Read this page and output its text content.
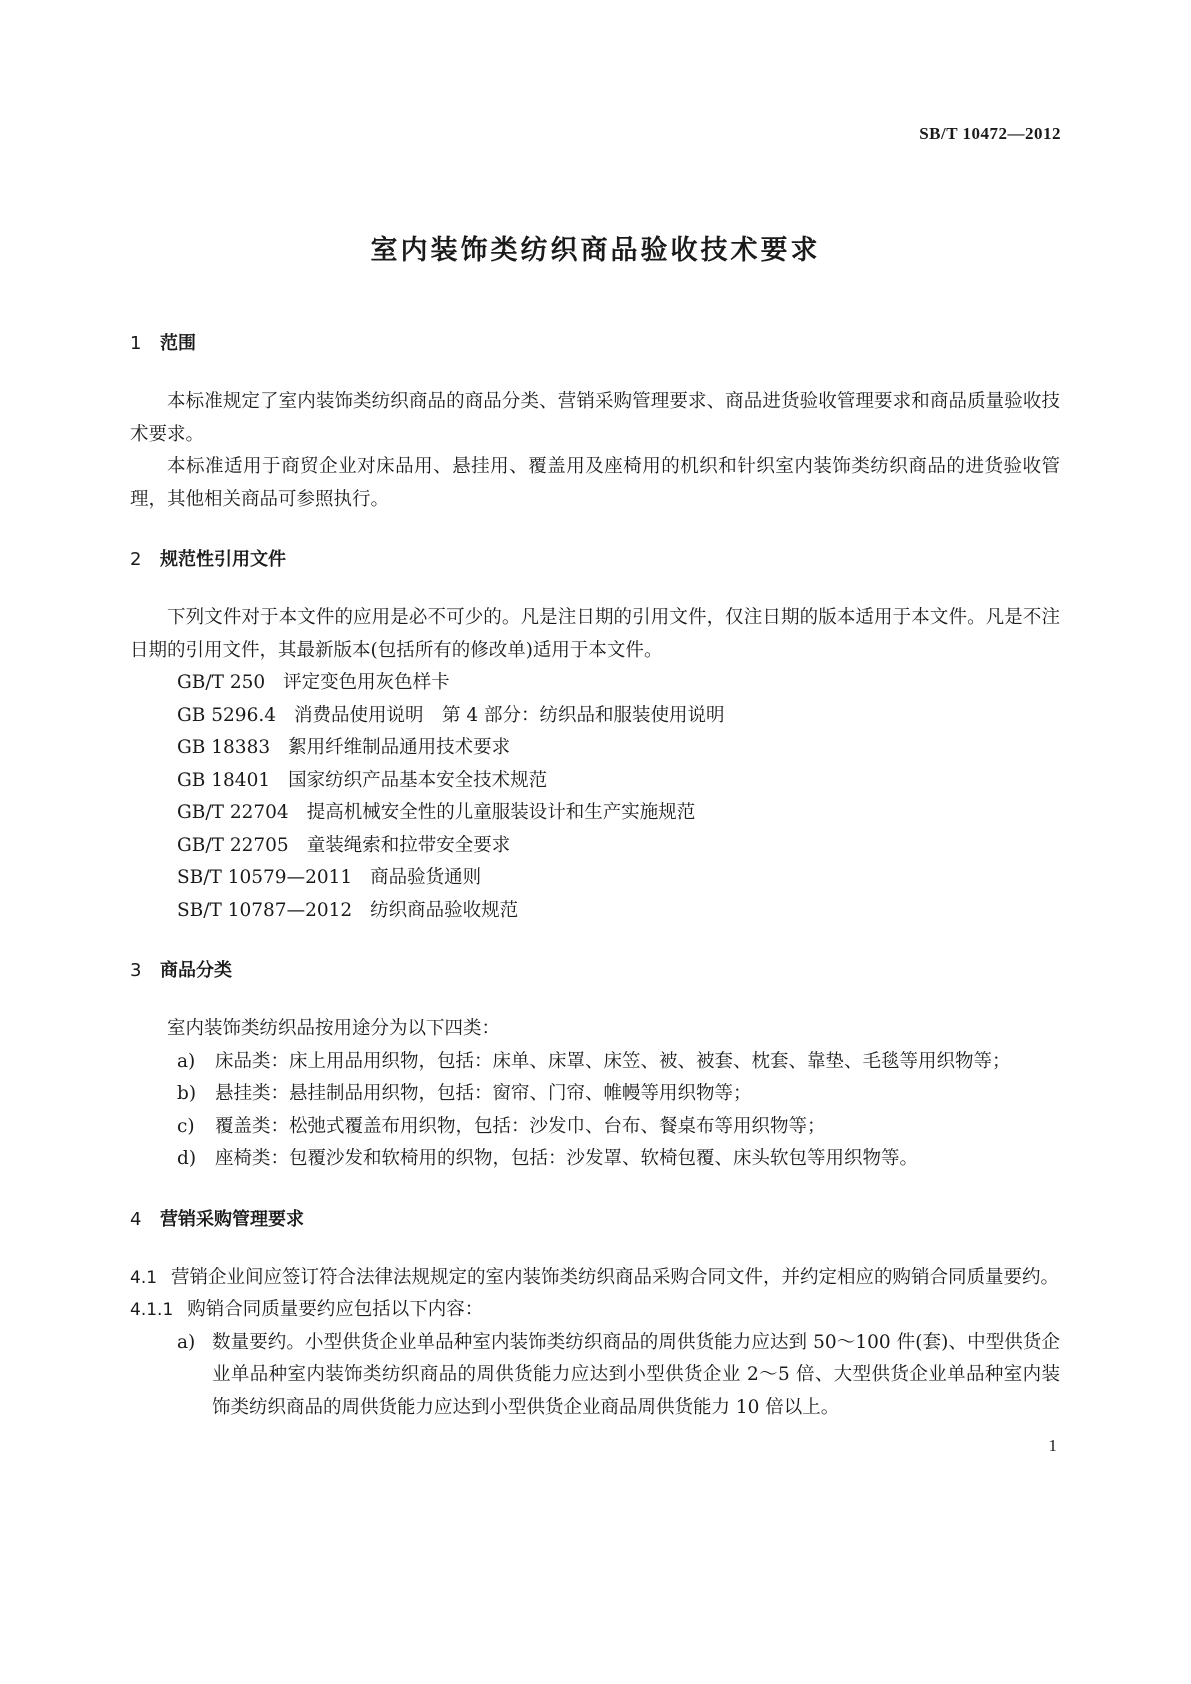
SB/T 10472—2012
室内装饰类纺织商品验收技术要求
1 范围

本标准规定了室内装饰类纺织商品的商品分类、营销采购管理要求、商品进货验收管理要求和商品质量验收技术要求。

本标准适用于商贸企业对床品用、悬挂用、覆盖用及座椅用的机织和针织室内装饰类纺织商品的进货验收管理，其他相关商品可参照执行。

2 规范性引用文件

下列文件对于本文件的应用是必不可少的。凡是注日期的引用文件，仅注日期的版本适用于本文件。凡是不注日期的引用文件，其最新版本(包括所有的修改单)适用于本文件。

GB/T 250 评定变色用灰色样卡

GB 5296.4 消费品使用说明　第 4 部分：纺织品和服装使用说明

GB 18383 絮用纤维制品通用技术要求

GB 18401 国家纺织产品基本安全技术规范

GB/T 22704 提高机械安全性的儿童服装设计和生产实施规范

GB/T 22705 童装绳索和拉带安全要求

SB/T 10579—2011 商品验货通则

SB/T 10787—2012 纺织商品验收规范

3 商品分类

室内装饰类纺织品按用途分为以下四类：

a) 床品类：床上用品用织物，包括：床单、床罩、床笠、被、被套、枕套、靠垫、毛毯等用织物等；

b) 悬挂类：悬挂制品用织物，包括：窗帘、门帘、帷幔等用织物等；

c) 覆盖类：松弛式覆盖布用织物，包括：沙发巾、台布、餐桌布等用织物等；

d) 座椅类：包覆沙发和软椅用的织物，包括：沙发罩、软椅包覆、床头软包等用织物等。

4 营销采购管理要求

4.1 营销企业间应签订符合法律法规规定的室内装饰类纺织商品采购合同文件，并约定相应的购销合同质量要约。

4.1.1 购销合同质量要约应包括以下内容：

a) 数量要约。小型供货企业单品种室内装饰类纺织商品的周供货能力应达到 50～100 件(套)、中型供货企业单品种室内装饰类纺织商品的周供货能力应达到小型供货企业 2～5 倍、大型供货企业单品种室内装饰类纺织商品的周供货能力应达到小型供货企业商品周供货能力 10 倍以上。

1
